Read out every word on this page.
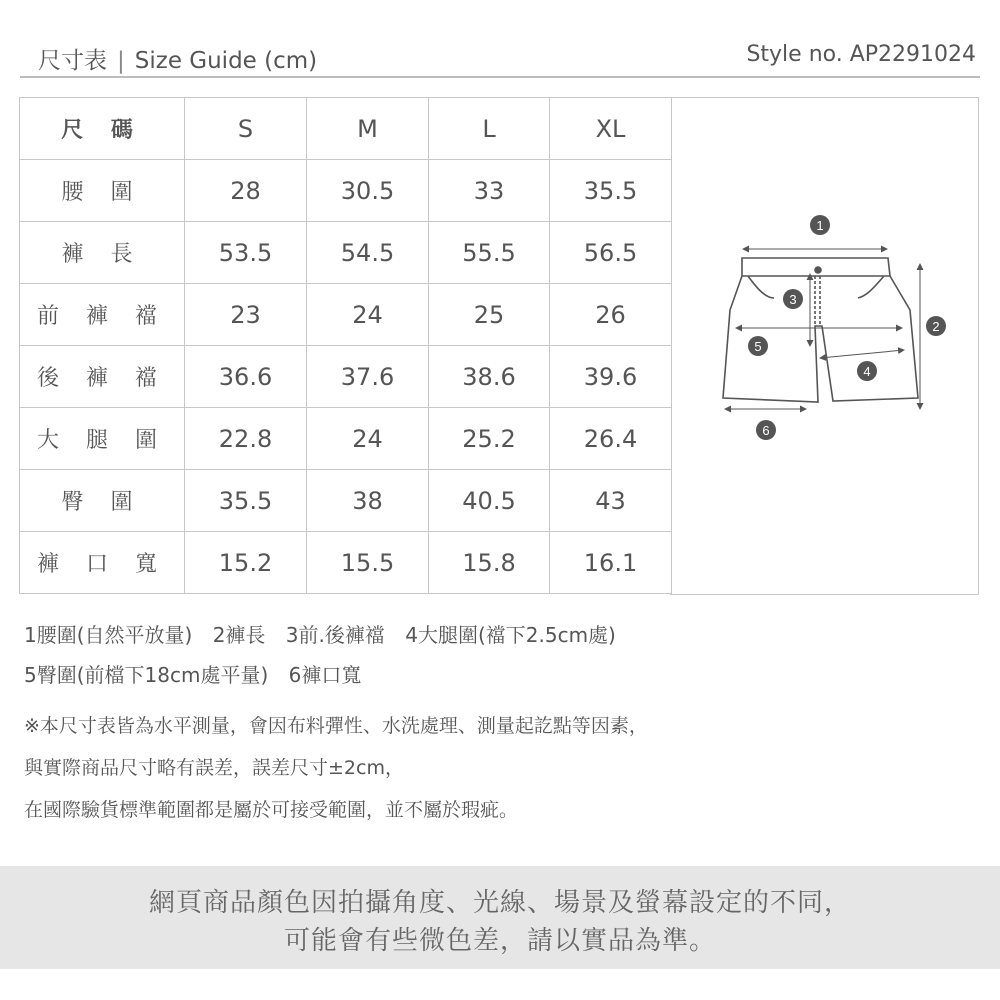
尺寸表 | Size Guide (cm)	Style no. AP2291024
尺 碼	S	M	L	XL
腰 圍	28	30.5	33	35.5
褲 長	53.5	54.5	55.5	56.5
前 褲 襠	23	24	25	26
後 褲 襠	36.6	37.6	38.6	39.6
大 腿 圍	22.8	24	25.2	26.4
臀 圍	35.5	38	40.5	43
褲 口 寬	15.2	15.5	15.8	16.1
1
2
3
4
5
6
1腰圍(自然平放量) 2褲長 3前.後褲襠 4大腿圍(襠下2.5cm處)
5臀圍(前檔下18cm處平量) 6褲口寬
※本尺寸表皆為水平測量，會因布料彈性、水洗處理、測量起訖點等因素，
與實際商品尺寸略有誤差，誤差尺寸±2cm，
在國際驗貨標準範圍都是屬於可接受範圍，並不屬於瑕疵。
網頁商品顏色因拍攝角度、光線、場景及螢幕設定的不同，
可能會有些微色差，請以實品為準。
